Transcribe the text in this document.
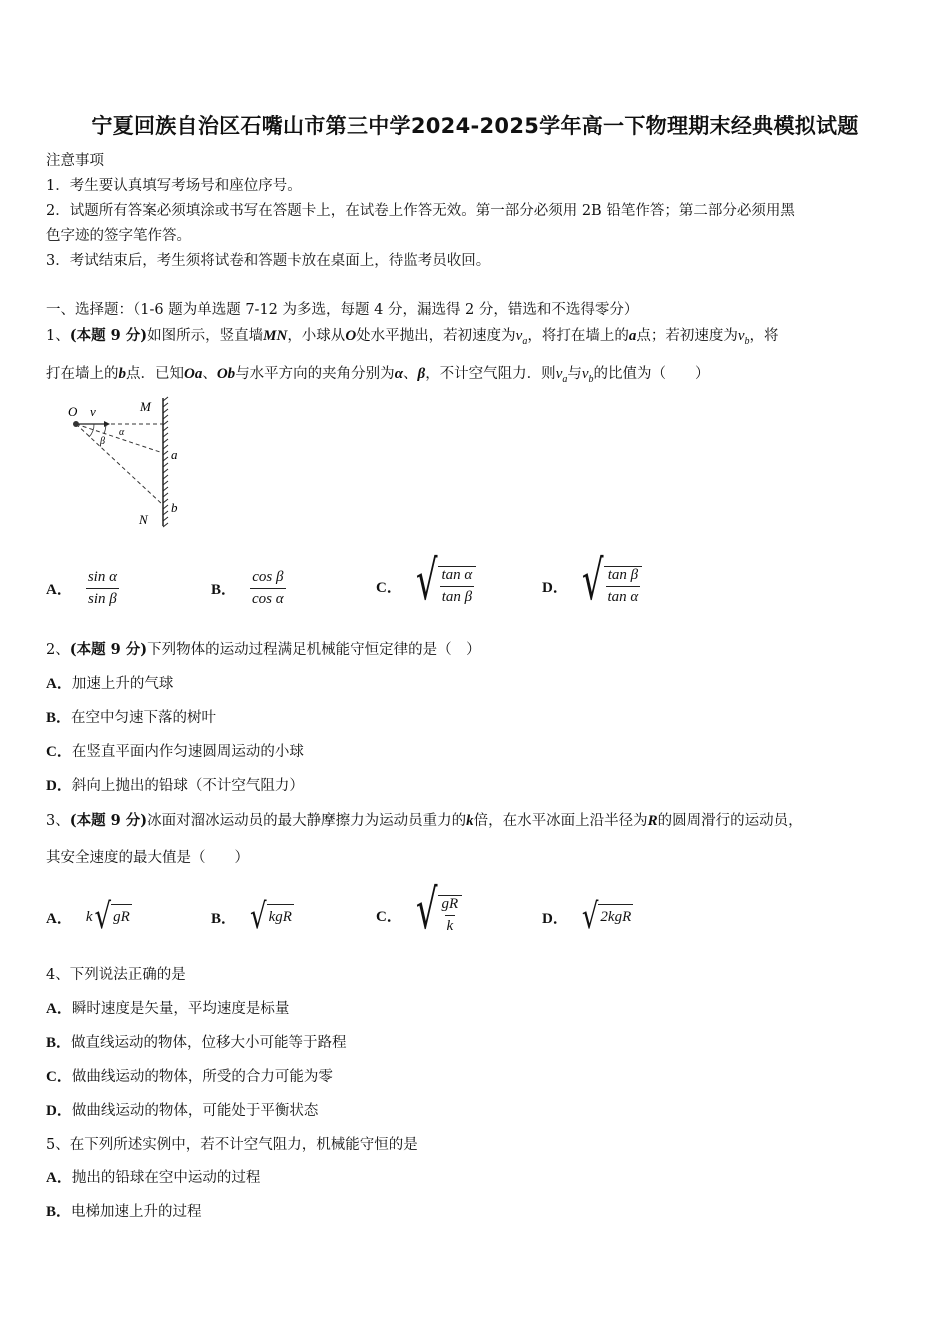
宁夏回族自治区石嘴山市第三中学2024-2025学年高一下物理期末经典模拟试题
注意事项
1．考生要认真填写考场号和座位序号。
2．试题所有答案必须填涂或书写在答题卡上，在试卷上作答无效。第一部分必须用 2B 铅笔作答；第二部分必须用黑
色字迹的签字笔作答。
3．考试结束后，考生须将试卷和答题卡放在桌面上，待监考员收回。
一、选择题：（1-6 题为单选题 7-12 为多选，每题 4 分，漏选得 2 分，错选和不选得零分）
1、(本题 9 分)如图所示，竖直墙MN，小球从O处水平抛出，若初速度为$v_a$，将打在墙上的a点；若初速度为$v_b$，将
打在墙上的b点．已知Oa、Ob与水平方向的夹角分别为α、β，不计空气阻力．则$v_a$与$v_b$的比值为（　　）
O v	M
N
a
b
α
β
A． $\frac{\text{sin α}}{\text{sin β}}$	B． $\frac{\text{cos β}}{\text{cos α}}$	C． √ $\frac{\text{tan α}}{\text{tan β}}$	D． √ $\frac{\text{tan β}}{\text{tan α}}$
2、(本题 9 分)下列物体的运动过程满足机械能守恒定律的是（　）
A．加速上升的气球
B．在空中匀速下落的树叶
C．在竖直平面内作匀速圆周运动的小球
D．斜向上抛出的铅球（不计空气阻力）
3、(本题 9 分)冰面对溜冰运动员的最大静摩擦力为运动员重力的k倍，在水平冰面上沿半径为R的圆周滑行的运动员，
其安全速度的最大值是（　　）
A． k √ gR	B． √ kgR	C． √ $\frac{gR}{k}$	D． √ 2kgR
4、下列说法正确的是
A．瞬时速度是矢量，平均速度是标量
B．做直线运动的物体，位移大小可能等于路程
C．做曲线运动的物体，所受的合力可能为零
D．做曲线运动的物体，可能处于平衡状态
5、在下列所述实例中，若不计空气阻力，机械能守恒的是
A．抛出的铅球在空中运动的过程
B．电梯加速上升的过程
